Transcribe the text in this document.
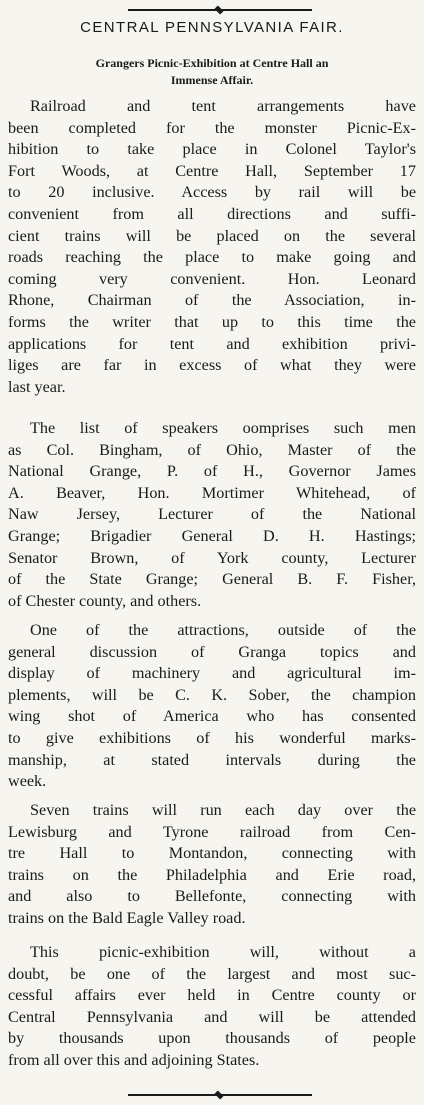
CENTRAL PENNSYLVANIA FAIR.
Grangers Picnic-Exhibition at Centre Hall an
Immense Affair.
Railroad and tent arrangements have
been completed for the monster Picnic-Ex-
hibition to take place in Colonel Taylor's
Fort Woods, at Centre Hall, September 17
to 20 inclusive. Access by rail will be
convenient from all directions and suffi-
cient trains will be placed on the several
roads reaching the place to make going and
coming very convenient. Hon. Leonard
Rhone, Chairman of the Association, in-
forms the writer that up to this time the
applications for tent and exhibition privi-
liges are far in excess of what they were
last year.
The list of speakers oomprises such men
as Col. Bingham, of Ohio, Master of the
National Grange, P. of H., Governor James
A. Beaver, Hon. Mortimer Whitehead, of
Naw Jersey, Lecturer of the National
Grange; Brigadier General D. H. Hastings;
Senator Brown, of York county, Lecturer
of the State Grange; General B. F. Fisher,
of Chester county, and others.
One of the attractions, outside of the
general discussion of Granga topics and
display of machinery and agricultural im-
plements, will be C. K. Sober, the champion
wing shot of America who has consented
to give exhibitions of his wonderful marks-
manship, at stated intervals during the
week.
Seven trains will run each day over the
Lewisburg and Tyrone railroad from Cen-
tre Hall to Montandon, connecting with
trains on the Philadelphia and Erie road,
and also to Bellefonte, connecting with
trains on the Bald Eagle Valley road.
This picnic-exhibition will, without a
doubt, be one of the largest and most suc-
cessful affairs ever held in Centre county or
Central Pennsylvania and will be attended
by thousands upon thousands of people
from all over this and adjoining States.
